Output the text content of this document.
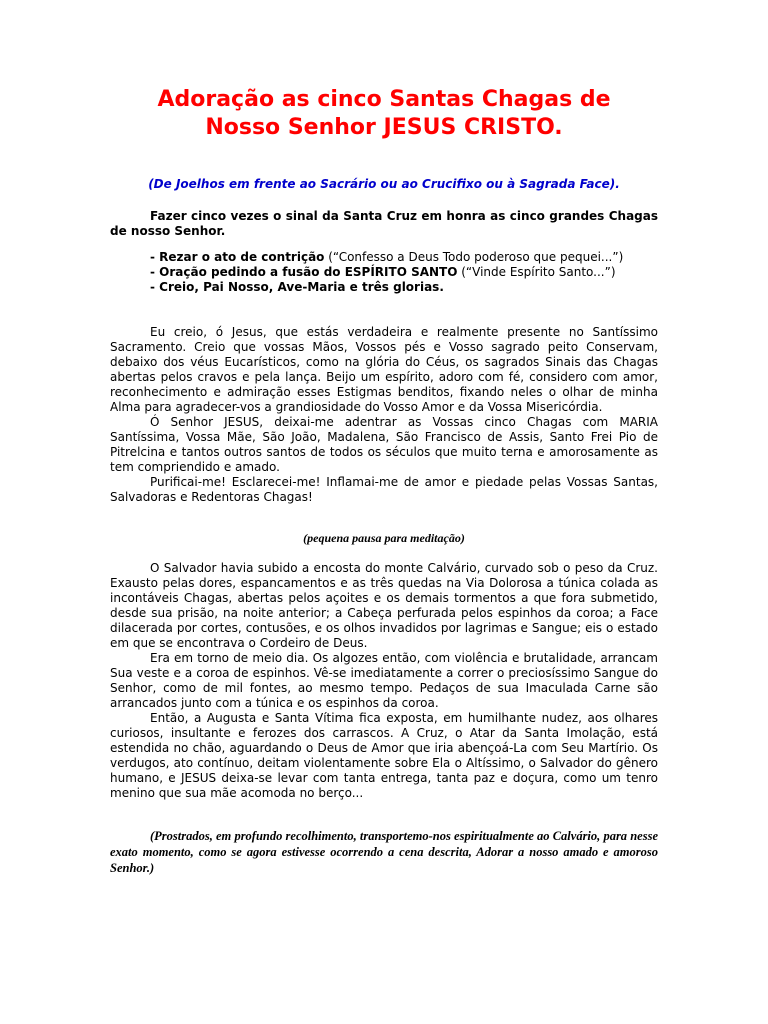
Adoração as cinco Santas Chagas de
Nosso Senhor JESUS CRISTO.
(De Joelhos em frente ao Sacrário ou ao Crucifixo ou à Sagrada Face).

Fazer cinco vezes o sinal da Santa Cruz em honra as cinco grandes Chagas de nosso Senhor.

- Rezar o ato de contrição (“Confesso a Deus Todo poderoso que pequei...”)

- Oração pedindo a fusão do ESPÍRITO SANTO (“Vinde Espírito Santo...”)

- Creio, Pai Nosso, Ave-Maria e três glorias.

Eu creio, ó Jesus, que estás verdadeira e realmente presente no Santíssimo Sacramento. Creio que vossas Mãos, Vossos pés e Vosso sagrado peito Conservam, debaixo dos véus Eucarísticos, como na glória do Céus, os sagrados Sinais das Chagas abertas pelos cravos e pela lança. Beijo um espírito, adoro com fé, considero com amor, reconhecimento e admiração esses Estigmas benditos, fixando neles o olhar de minha Alma para agradecer-vos a grandiosidade do Vosso Amor e da Vossa Misericórdia.

Ó Senhor JESUS, deixai-me adentrar as Vossas cinco Chagas com MARIA Santíssima, Vossa Mãe, São João, Madalena, São Francisco de Assis, Santo Frei Pio de Pitrelcina e tantos outros santos de todos os séculos que muito terna e amorosamente as tem compriendido e amado.

Purificai-me! Esclarecei-me! Inflamai-me de amor e piedade pelas Vossas Santas, Salvadoras e Redentoras Chagas!

(pequena pausa para meditação)

O Salvador havia subido a encosta do monte Calvário, curvado sob o peso da Cruz. Exausto pelas dores, espancamentos e as três quedas na Via Dolorosa a túnica colada as incontáveis Chagas, abertas pelos açoites e os demais tormentos a que fora submetido, desde sua prisão, na noite anterior; a Cabeça perfurada pelos espinhos da coroa; a Face dilacerada por cortes, contusões, e os olhos invadidos por lagrimas e Sangue; eis o estado em que se encontrava o Cordeiro de Deus.

Era em torno de meio dia. Os algozes então, com violência e brutalidade, arrancam Sua veste e a coroa de espinhos. Vê-se imediatamente a correr o preciosíssimo Sangue do Senhor, como de mil fontes, ao mesmo tempo. Pedaços de sua Imaculada Carne são arrancados junto com a túnica e os espinhos da coroa.

Então, a Augusta e Santa Vítima fica exposta, em humilhante nudez, aos olhares curiosos, insultante e ferozes dos carrascos. A Cruz, o Atar da Santa Imolação, está estendida no chão, aguardando o Deus de Amor que iria abençoá-La com Seu Martírio. Os verdugos, ato contínuo, deitam violentamente sobre Ela o Altíssimo, o Salvador do gênero humano, e JESUS deixa-se levar com tanta entrega, tanta paz e doçura, como um tenro menino que sua mãe acomoda no berço...

(Prostrados, em profundo recolhimento, transportemo-nos espiritualmente ao Calvário, para nesse exato momento, como se agora estivesse ocorrendo a cena descrita, Adorar a nosso amado e amoroso Senhor.)
